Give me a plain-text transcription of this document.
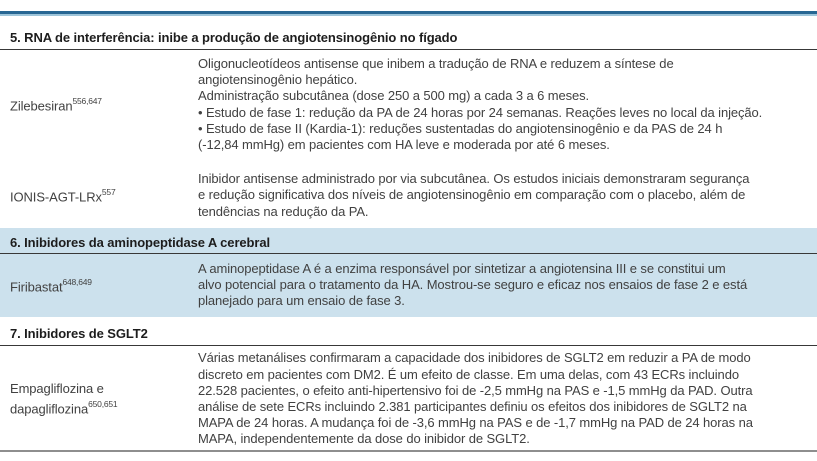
5. RNA de interferência: inibe a produção de angiotensinogênio no fígado
Zilebesiran$^{556,647}$
Oligonucleotídeos antisense que inibem a tradução de RNA e reduzem a síntese de
angiotensinogênio hepático.
Administração subcutânea (dose 250 a 500 mg) a cada 3 a 6 meses.
• Estudo de fase 1: redução da PA de 24 horas por 24 semanas. Reações leves no local da injeção.
• Estudo de fase II (Kardia-1): reduções sustentadas do angiotensinogênio e da PAS de 24 h
(-12,84 mmHg) em pacientes com HA leve e moderada por até 6 meses.
IONIS-AGT-LRx$^{557}$
Inibidor antisense administrado por via subcutânea. Os estudos iniciais demonstraram segurança
e redução significativa dos níveis de angiotensinogênio em comparação com o placebo, além de
tendências na redução da PA.
6. Inibidores da aminopeptidase A cerebral
Firibastat$^{648,649}$
A aminopeptidase A é a enzima responsável por sintetizar a angiotensina III e se constitui um
alvo potencial para o tratamento da HA. Mostrou-se seguro e eficaz nos ensaios de fase 2 e está
planejado para um ensaio de fase 3.
7. Inibidores de SGLT2
Empagliflozina e
dapagliflozina$^{650,651}$
Várias metanálises confirmaram a capacidade dos inibidores de SGLT2 em reduzir a PA de modo
discreto em pacientes com DM2. É um efeito de classe. Em uma delas, com 43 ECRs incluindo
22.528 pacientes, o efeito anti-hipertensivo foi de -2,5 mmHg na PAS e -1,5 mmHg da PAD. Outra
análise de sete ECRs incluindo 2.381 participantes definiu os efeitos dos inibidores de SGLT2 na
MAPA de 24 horas. A mudança foi de -3,6 mmHg na PAS e de -1,7 mmHg na PAD de 24 horas na
MAPA, independentemente da dose do inibidor de SGLT2.
